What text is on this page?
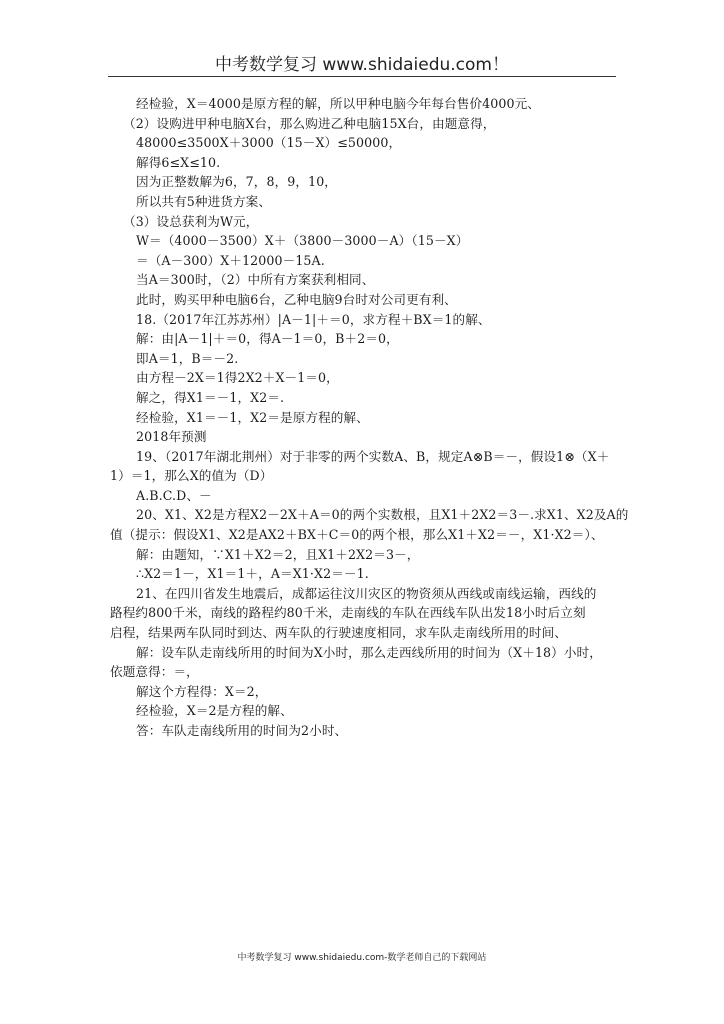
中考数学复习 www.shidaiedu.com！
经检验，X＝4000是原方程的解，所以甲种电脑今年每台售价4000元、
（2）设购进甲种电脑X台，那么购进乙种电脑15X台，由题意得，
48000≤3500X＋3000（15－X）≤50000，
解得6≤X≤10.
因为正整数解为6，7，8，9，10，
所以共有5种进货方案、
（3）设总获利为W元，
W＝（4000－3500）X＋（3800－3000－A）（15－X）
＝（A－300）X＋12000－15A.
当A＝300时，（2）中所有方案获利相同、
此时，购买甲种电脑6台，乙种电脑9台时对公司更有利、
18.（2017年江苏苏州）|A－1|＋＝0，求方程＋BX＝1的解、
解：由|A－1|＋＝0，得A－1＝0，B＋2＝0，
即A＝1，B＝－2.
由方程－2X＝1得2X2＋X－1＝0，
解之，得X1＝－1，X2＝.
经检验，X1＝－1，X2＝是原方程的解、
2018年预测
19、（2017年湖北荆州）对于非零的两个实数A、B，规定A⊗B＝－，假设1⊗（X＋
1）＝1，那么X的值为（D）
A.B.C.D、－
20、X1、X2是方程X2－2X＋A＝0的两个实数根，且X1＋2X2＝3－.求X1、X2及A的
值（提示：假设X1、X2是AX2＋BX＋C＝0的两个根，那么X1＋X2＝－，X1·X2＝）、
解：由题知，∵X1＋X2＝2，且X1＋2X2＝3－，
∴X2＝1－，X1＝1＋，A＝X1·X2＝－1.
21、在四川省发生地震后，成都运往汶川灾区的物资须从西线或南线运输，西线的
路程约800千米，南线的路程约80千米，走南线的车队在西线车队出发18小时后立刻
启程，结果两车队同时到达、两车队的行驶速度相同，求车队走南线所用的时间、
解：设车队走南线所用的时间为X小时，那么走西线所用的时间为（X＋18）小时，
依题意得：＝，
解这个方程得：X＝2，
经检验，X＝2是方程的解、
答：车队走南线所用的时间为2小时、
中考数学复习 www.shidaiedu.com-数学老师自己的下载网站
